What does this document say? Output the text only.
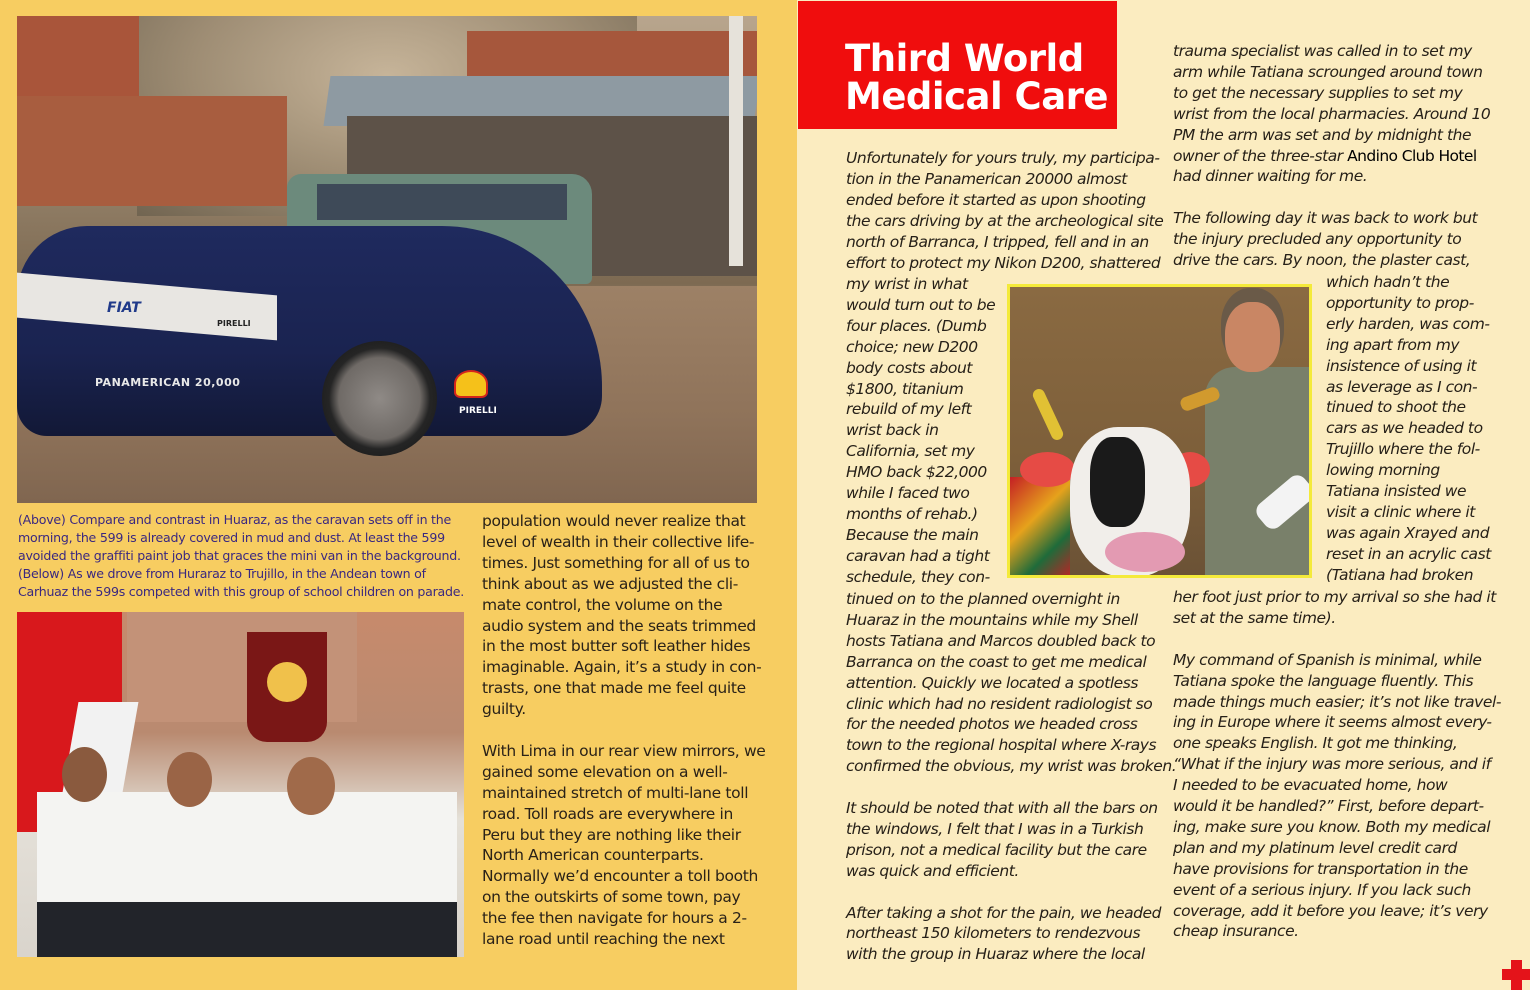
FIAT
PIRELLI
PANAMERICAN 20,000
PIRELLI

(Above) Compare and contrast in Huaraz, as the caravan sets off in the

morning, the 599 is already covered in mud and dust. At least the 599

avoided the graffiti paint job that graces the mini van in the background.

(Below) As we drove from Huraraz to Trujillo, in the Andean town of

Carhuaz the 599s competed with this group of school children on parade.

population would never realize that

level of wealth in their collective life-

times. Just something for all of us to

think about as we adjusted the cli-

mate control, the volume on the

audio system and the seats trimmed

in the most butter soft leather hides

imaginable. Again, it’s a study in con-

trasts, one that made me feel quite

guilty.

With Lima in our rear view mirrors, we

gained some elevation on a well-

maintained stretch of multi-lane toll

road. Toll roads are everywhere in

Peru but they are nothing like their

North American counterparts.

Normally we’d encounter a toll booth

on the outskirts of some town, pay

the fee then navigate for hours a 2-

lane road until reaching the next

Third World
Medical Care

Unfortunately for yours truly, my participa-

tion in the Panamerican 20000 almost

ended before it started as upon shooting

the cars driving by at the archeological site

north of Barranca, I tripped, fell and in an

effort to protect my Nikon D200, shattered

my wrist in what

would turn out to be

four places. (Dumb

choice; new D200

body costs about

$1800, titanium

rebuild of my left

wrist back in

California, set my

HMO back $22,000

while I faced two

months of rehab.)

Because the main

caravan had a tight

schedule, they con-

tinued on to the planned overnight in

Huaraz in the mountains while my Shell

hosts Tatiana and Marcos doubled back to

Barranca on the coast to get me medical

attention. Quickly we located a spotless

clinic which had no resident radiologist so

for the needed photos we headed cross

town to the regional hospital where X-rays

confirmed the obvious, my wrist was broken.

It should be noted that with all the bars on

the windows, I felt that I was in a Turkish

prison, not a medical facility but the care

was quick and efficient.

After taking a shot for the pain, we headed

northeast 150 kilometers to rendezvous

with the group in Huaraz where the local

trauma specialist was called in to set my

arm while Tatiana scrounged around town

to get the necessary supplies to set my

wrist from the local pharmacies. Around 10

PM the arm was set and by midnight the

owner of the three-star Andino Club Hotel

had dinner waiting for me.

The following day it was back to work but

the injury precluded any opportunity to

drive the cars. By noon, the plaster cast,

which hadn’t the

opportunity to prop-

erly harden, was com-

ing apart from my

insistence of using it

as leverage as I con-

tinued to shoot the

cars as we headed to

Trujillo where the fol-

lowing morning

Tatiana insisted we

visit a clinic where it

was again Xrayed and

reset in an acrylic cast

(Tatiana had broken

her foot just prior to my arrival so she had it

set at the same time).

My command of Spanish is minimal, while

Tatiana spoke the language fluently. This

made things much easier; it’s not like travel-

ing in Europe where it seems almost every-

one speaks English. It got me thinking,

“What if the injury was more serious, and if

I needed to be evacuated home, how

would it be handled?” First, before depart-

ing, make sure you know. Both my medical

plan and my platinum level credit card

have provisions for transportation in the

event of a serious injury. If you lack such

coverage, add it before you leave; it’s very

cheap insurance.
